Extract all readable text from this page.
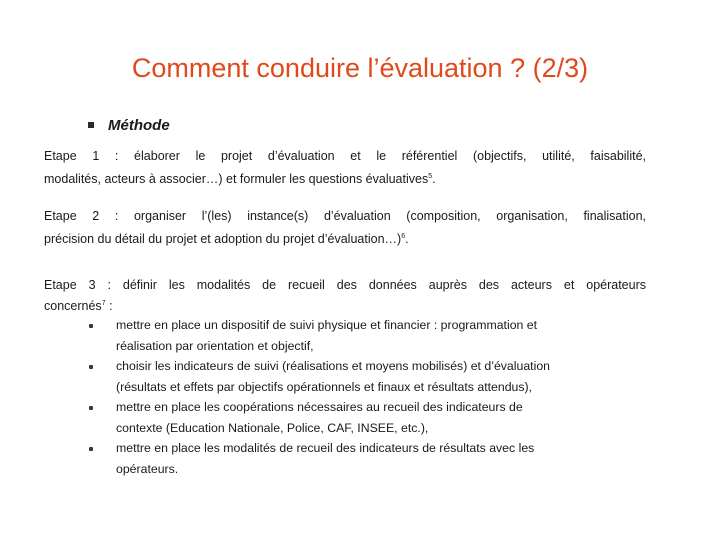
Comment conduire l’évaluation ? (2/3)
Méthode
Etape 1 : élaborer le projet d’évaluation et le référentiel (objectifs, utilité, faisabilité,
modalités, acteurs à associer…) et formuler les questions évaluatives$^5$.
Etape 2 : organiser l’(les) instance(s) d’évaluation (composition, organisation, finalisation,
précision du détail du projet et adoption du projet d’évaluation…)$^6$.
Etape 3 : définir les modalités de recueil des données auprès des acteurs et opérateurs
concernés$^7$ :
mettre en place un dispositif de suivi physique et financier : programmation et
réalisation par orientation et objectif,
choisir les indicateurs de suivi (réalisations et moyens mobilisés) et d’évaluation
(résultats et effets par objectifs opérationnels et finaux et résultats attendus),
mettre en place les coopérations nécessaires au recueil des indicateurs de
contexte (Education Nationale, Police, CAF, INSEE, etc.),
mettre en place les modalités de recueil des indicateurs de résultats avec les
opérateurs.
